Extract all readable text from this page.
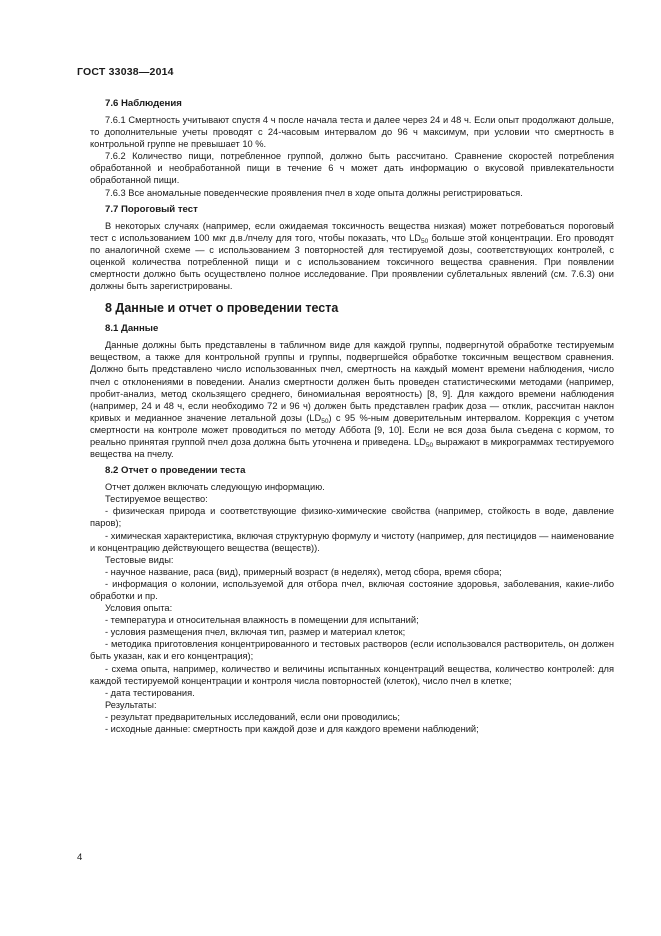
ГОСТ 33038—2014
7.6 Наблюдения

7.6.1 Смертность учитывают спустя 4 ч после начала теста и далее через 24 и 48 ч. Если опыт продолжают дольше, то дополнительные учеты проводят с 24-часовым интервалом до 96 ч максимум, при условии что смертность в контрольной группе не превышает 10 %.

7.6.2 Количество пищи, потребленное группой, должно быть рассчитано. Сравнение скоростей потребления обработанной и необработанной пищи в течение 6 ч может дать информацию о вкусовой привлекательности обработанной пищи.

7.6.3 Все аномальные поведенческие проявления пчел в ходе опыта должны регистрироваться.

7.7 Пороговый тест

В некоторых случаях (например, если ожидаемая токсичность вещества низкая) может потребоваться пороговый тест с использованием 100 мкг д.в./пчелу для того, чтобы показать, что $LD_{50}$ больше этой концентрации. Его проводят по аналогичной схеме — с использованием 3 повторностей для тестируемой дозы, соответствующих контролей, с оценкой количества потребленной пищи и с использованием токсичного вещества сравнения. При появлении смертности должно быть осуществлено полное исследование. При проявлении сублетальных явлений (см. 7.6.3) они должны быть зарегистрированы.

8 Данные и отчет о проведении теста
8.1 Данные

Данные должны быть представлены в табличном виде для каждой группы, подвергнутой обработке тестируемым веществом, а также для контрольной группы и группы, подвергшейся обработке токсичным веществом сравнения. Должно быть представлено число использованных пчел, смертность на каждый момент времени наблюдения, число пчел с отклонениями в поведении. Анализ смертности должен быть проведен статистическими методами (например, пробит-анализ, метод скользящего среднего, биномиальная вероятность) [8, 9]. Для каждого времени наблюдения (например, 24 и 48 ч, если необходимо 72 и 96 ч) должен быть представлен график доза — отклик, рассчитан наклон кривых и медианное значение летальной дозы $(LD_{50})$ с 95 %-ным доверительным интервалом. Коррекция с учетом смертности на контроле может проводиться по методу Аббота [9, 10]. Если не вся доза была съедена с кормом, то реально принятая группой пчел доза должна быть уточнена и приведена. $LD_{50}$ выражают в микрограммах тестируемого вещества на пчелу.

8.2 Отчет о проведении теста

Отчет должен включать следующую информацию.

Тестируемое вещество:

- физическая природа и соответствующие физико-химические свойства (например, стойкость в воде, давление паров);

- химическая характеристика, включая структурную формулу и чистоту (например, для пестицидов — наименование и концентрацию действующего вещества (веществ)).

Тестовые виды:

- научное название, раса (вид), примерный возраст (в неделях), метод сбора, время сбора;

- информация о колонии, используемой для отбора пчел, включая состояние здоровья, заболевания, какие-либо обработки и пр.

Условия опыта:

- температура и относительная влажность в помещении для испытаний;

- условия размещения пчел, включая тип, размер и материал клеток;

- методика приготовления концентрированного и тестовых растворов (если использовался растворитель, он должен быть указан, как и его концентрация);

- схема опыта, например, количество и величины испытанных концентраций вещества, количество контролей: для каждой тестируемой концентрации и контроля числа повторностей (клеток), число пчел в клетке;

- дата тестирования.

Результаты:

- результат предварительных исследований, если они проводились;

- исходные данные: смертность при каждой дозе и для каждого времени наблюдений;

4
